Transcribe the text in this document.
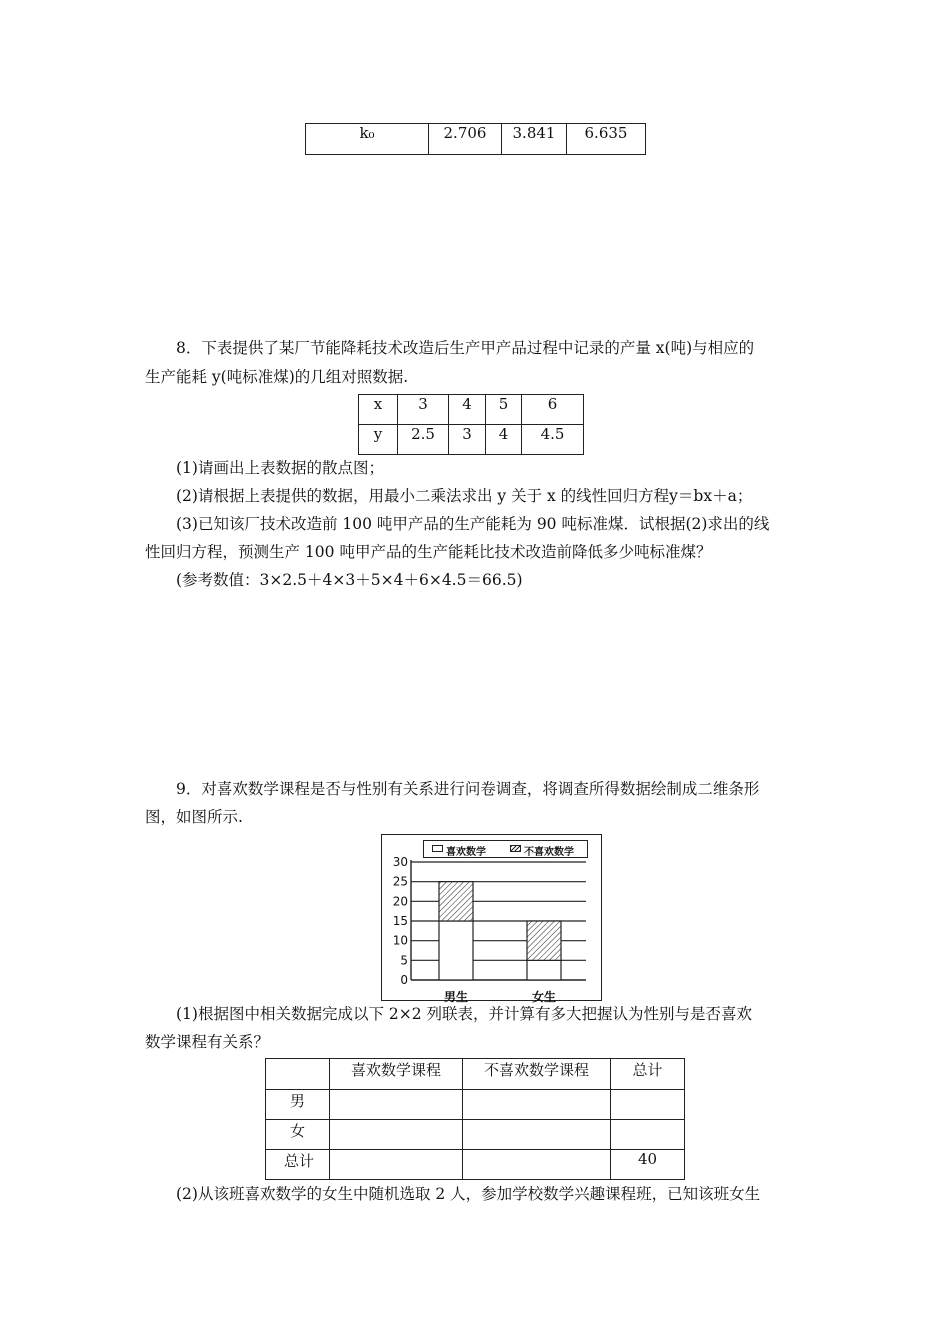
k₀	2.706	3.841	6.635
8．下表提供了某厂节能降耗技术改造后生产甲产品过程中记录的产量 x(吨)与相应的
生产能耗 y(吨标准煤)的几组对照数据.
x	3	4	5	6
y	2.5	3	4	4.5
(1)请画出上表数据的散点图；
(2)请根据上表提供的数据，用最小二乘法求出 y 关于 x 的线性回归方程y＝bx＋a；
(3)已知该厂技术改造前 100 吨甲产品的生产能耗为 90 吨标准煤．试根据(2)求出的线
性回归方程，预测生产 100 吨甲产品的生产能耗比技术改造前降低多少吨标准煤？
(参考数值：3×2.5＋4×3＋5×4＋6×4.5＝66.5)
9．对喜欢数学课程是否与性别有关系进行问卷调查，将调查所得数据绘制成二维条形
图，如图所示.
喜欢数学	不喜欢数学
0
5
10
15
20
25
30
男生	女生
(1)根据图中相关数据完成以下 2×2 列联表，并计算有多大把握认为性别与是否喜欢
数学课程有关系？
	喜欢数学课程	不喜欢数学课程	总计
男			
女			
总计			40
(2)从该班喜欢数学的女生中随机选取 2 人，参加学校数学兴趣课程班，已知该班女生
